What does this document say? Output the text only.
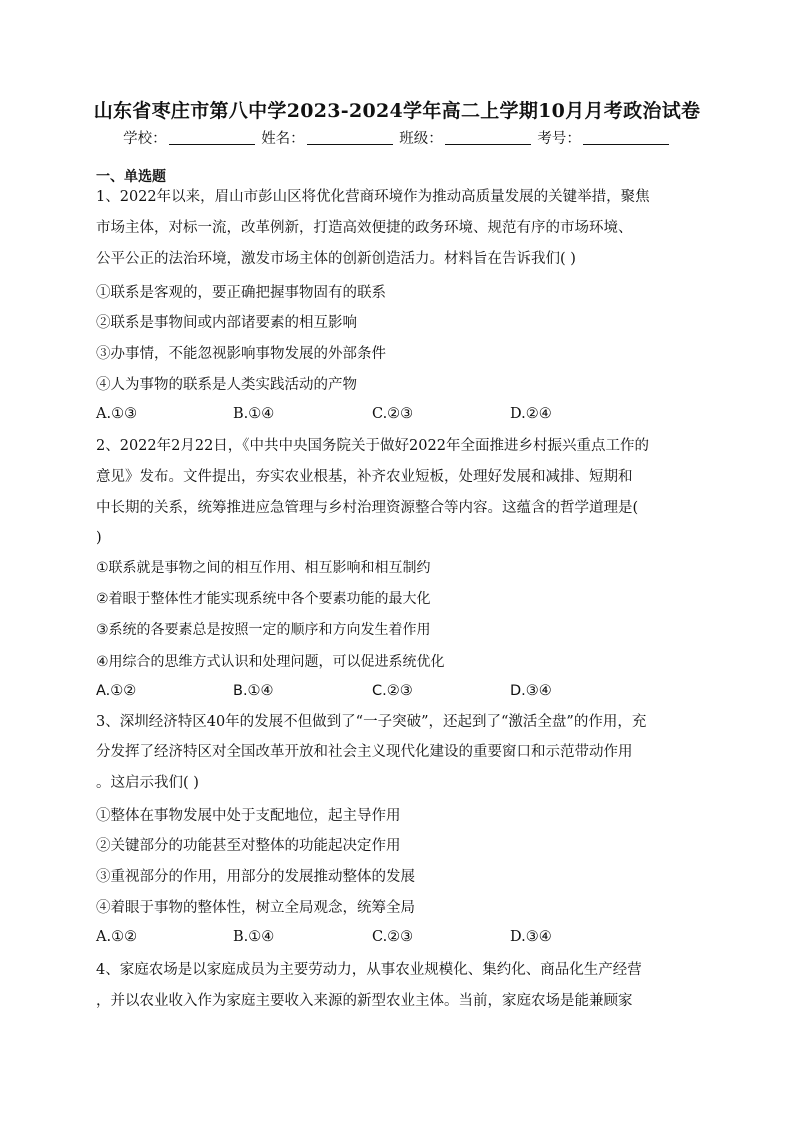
山东省枣庄市第八中学2023-2024学年高二上学期10月月考政治试卷
学校：	姓名：	班级：	考号：
一、单选题
1、2022年以来，眉山市彭山区将优化营商环境作为推动高质量发展的关键举措，聚焦
市场主体，对标一流，改革例新，打造高效便捷的政务环境、规范有序的市场环境、
公平公正的法治环境，激发市场主体的创新创造活力。材料旨在告诉我们( )
①联系是客观的，要正确把握事物固有的联系
②联系是事物间或内部诸要素的相互影响
③办事情，不能忽视影响事物发展的外部条件
④人为事物的联系是人类实践活动的产物
A.①③	B.①④	C.②③	D.②④
2、2022年2月22日，《中共中央国务院关于做好2022年全面推进乡村振兴重点工作的
意见》发布。文件提出，夯实农业根基，补齐农业短板，处理好发展和减排、短期和
中长期的关系，统筹推进应急管理与乡村治理资源整合等内容。这蕴含的哲学道理是(
)
①联系就是事物之间的相互作用、相互影响和相互制约
②着眼于整体性才能实现系统中各个要素功能的最大化
③系统的各要素总是按照一定的顺序和方向发生着作用
④用综合的思维方式认识和处理问题，可以促进系统优化
A.①②	B.①④	C.②③	D.③④
3、深圳经济特区40年的发展不但做到了“一子突破”，还起到了“激活全盘”的作用，充
分发挥了经济特区对全国改革开放和社会主义现代化建设的重要窗口和示范带动作用
。这启示我们( )
①整体在事物发展中处于支配地位，起主导作用
②关键部分的功能甚至对整体的功能起决定作用
③重视部分的作用，用部分的发展推动整体的发展
④着眼于事物的整体性，树立全局观念，统筹全局
A.①②	B.①④	C.②③	D.③④
4、家庭农场是以家庭成员为主要劳动力，从事农业规模化、集约化、商品化生产经营
，并以农业收入作为家庭主要收入来源的新型农业主体。当前，家庭农场是能兼顾家
